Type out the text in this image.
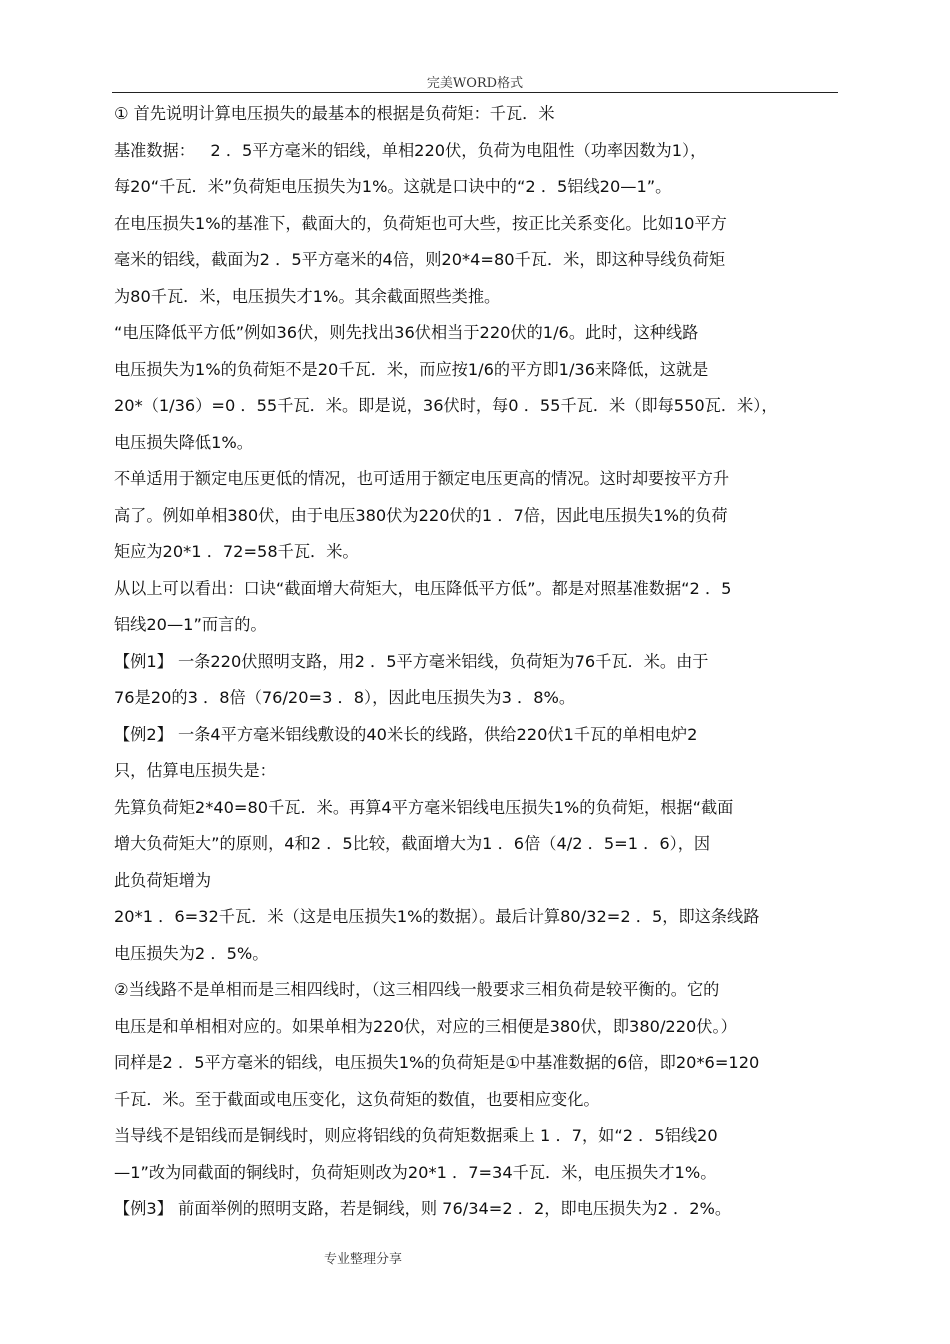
完美WORD格式
① 首先说明计算电压损失的最基本的根据是负荷矩：千瓦．米
基准数据：   2 ．5平方毫米的铝线，单相220伏，负荷为电阻性（功率因数为1），
每20“千瓦．米”负荷矩电压损失为1%。这就是口诀中的“2 ．5铝线20—1”。
在电压损失1%的基准下，截面大的，负荷矩也可大些，按正比关系变化。比如10平方
毫米的铝线，截面为2 ．5平方毫米的4倍，则20*4=80千瓦．米，即这种导线负荷矩
为80千瓦．米，电压损失才1%。其余截面照些类推。
“电压降低平方低”例如36伏，则先找出36伏相当于220伏的1/6。此时，这种线路
电压损失为1%的负荷矩不是20千瓦．米，而应按1/6的平方即1/36来降低，这就是
20*（1/36）=0 ．55千瓦．米。即是说，36伏时，每0 ．55千瓦．米（即每550瓦．米），
电压损失降低1%。
不单适用于额定电压更低的情况，也可适用于额定电压更高的情况。这时却要按平方升
高了。例如单相380伏，由于电压380伏为220伏的1 ．7倍，因此电压损失1%的负荷
矩应为20*1 ．72=58千瓦．米。
从以上可以看出：口诀“截面增大荷矩大，电压降低平方低”。都是对照基准数据“2 ．5
铝线20—1”而言的。
【例1】 一条220伏照明支路，用2 ．5平方毫米铝线，负荷矩为76千瓦．米。由于
76是20的3 ．8倍（76/20=3 ．8），因此电压损失为3 ．8%。
【例2】 一条4平方毫米铝线敷设的40米长的线路，供给220伏1千瓦的单相电炉2
只，估算电压损失是：
先算负荷矩2*40=80千瓦．米。再算4平方毫米铝线电压损失1%的负荷矩，根据“截面
增大负荷矩大”的原则，4和2 ．5比较，截面增大为1 ．6倍（4/2 ．5=1 ．6），因
此负荷矩增为
20*1 ．6=32千瓦．米（这是电压损失1%的数据）。最后计算80/32=2 ．5，即这条线路
电压损失为2 ．5%。
②当线路不是单相而是三相四线时，（这三相四线一般要求三相负荷是较平衡的。它的
电压是和单相相对应的。如果单相为220伏，对应的三相便是380伏，即380/220伏。）
同样是2 ．5平方毫米的铝线，电压损失1%的负荷矩是①中基准数据的6倍，即20*6=120
千瓦．米。至于截面或电压变化，这负荷矩的数值，也要相应变化。
当导线不是铝线而是铜线时，则应将铝线的负荷矩数据乘上 1 ．7，如“2 ．5铝线20
—1”改为同截面的铜线时，负荷矩则改为20*1 ．7=34千瓦．米，电压损失才1%。
【例3】 前面举例的照明支路，若是铜线，则 76/34=2 ．2，即电压损失为2 ．2%。
专业整理分享
